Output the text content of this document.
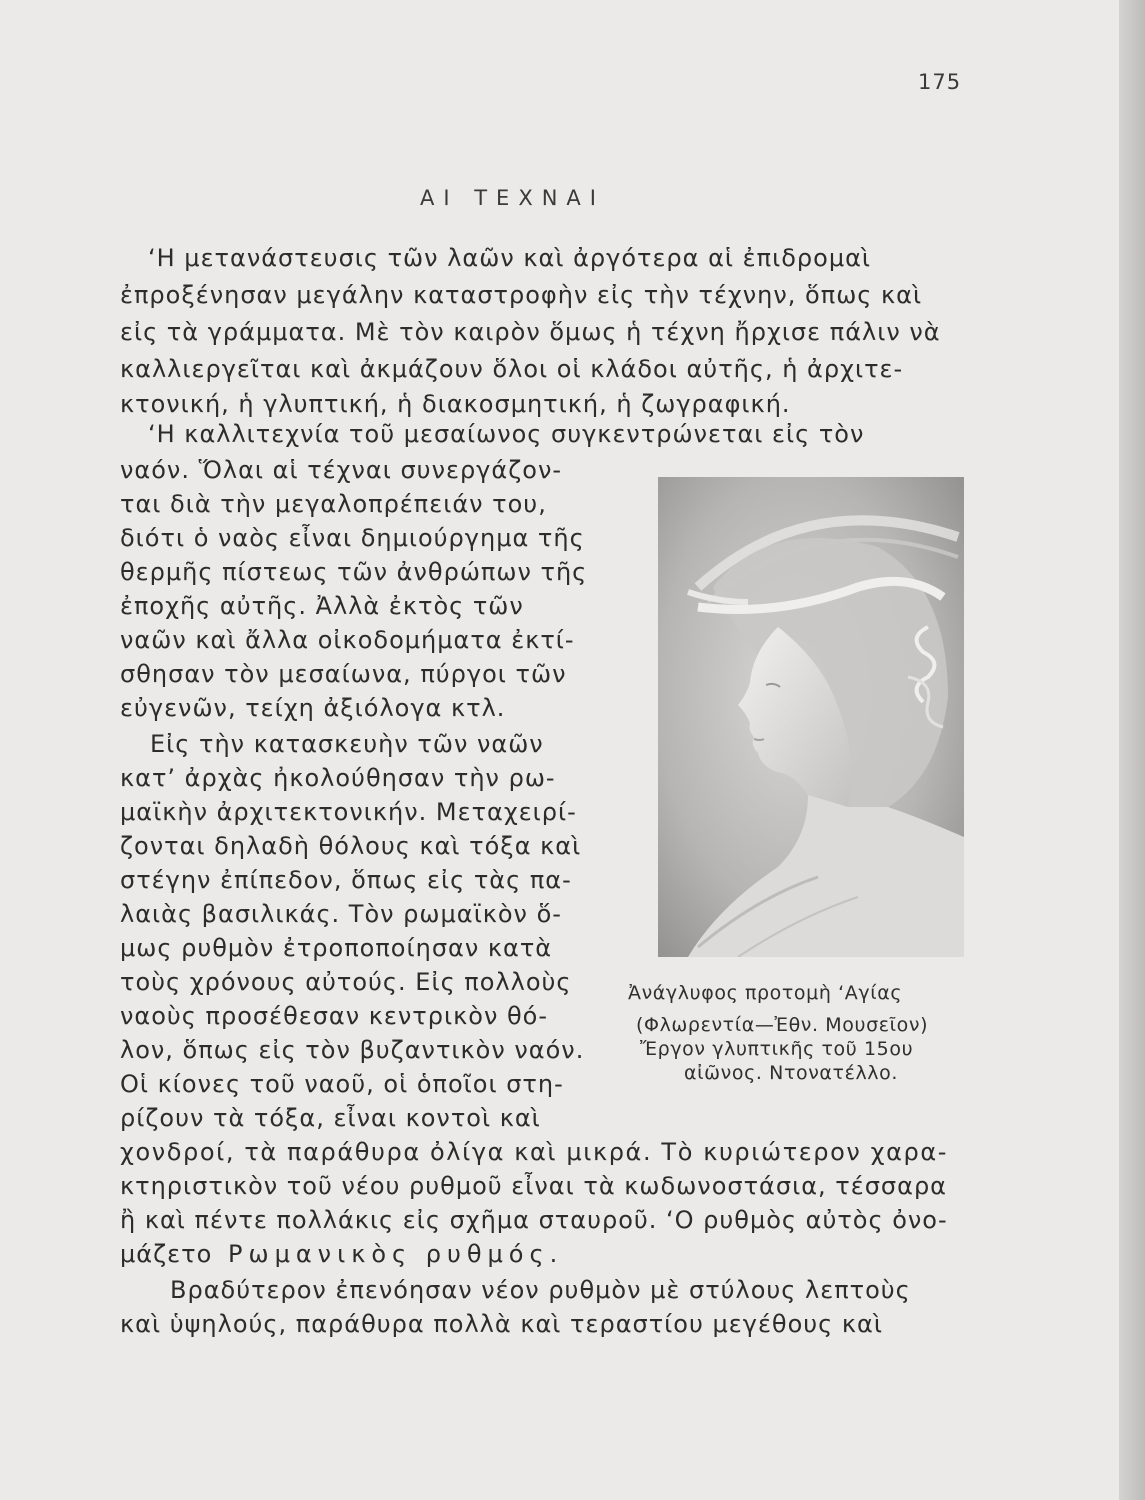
175
ΑΙ ΤΕΧΝΑΙ
‘Η μετανάστευσις τῶν λαῶν καὶ ἀργότερα αἱ ἐπιδρομαὶ
ἐπροξένησαν μεγάλην καταστροφὴν εἰς τὴν τέχνην, ὅπως καὶ
εἰς τὰ γράμματα. Μὲ τὸν καιρὸν ὅμως ἡ τέχνη ἤρχισε πάλιν νὰ
καλλιεργεῖται καὶ ἀκμάζουν ὅλοι οἱ κλάδοι αὐτῆς, ἡ ἀρχιτε-
κτονική, ἡ γλυπτική, ἡ διακοσμητική, ἡ ζωγραφική.
‘Η καλλιτεχνία τοῦ μεσαίωνος συγκεντρώνεται εἰς τὸν
ναόν. Ὅλαι αἱ τέχναι συνεργάζον-
ται διὰ τὴν μεγαλοπρέπειάν του,
διότι ὁ ναὸς εἶναι δημιούργημα τῆς
θερμῆς πίστεως τῶν ἀνθρώπων τῆς
ἐποχῆς αὐτῆς. Ἀλλὰ ἐκτὸς τῶν
ναῶν καὶ ἄλλα οἰκοδομήματα ἐκτί-
σθησαν τὸν μεσαίωνα, πύργοι τῶν
εὐγενῶν, τείχη ἀξιόλογα κτλ.
Εἰς τὴν κατασκευὴν τῶν ναῶν
κατ’ ἀρχὰς ἠκολούθησαν τὴν ρω-
μαϊκὴν ἀρχιτεκτονικήν. Μεταχειρί-
ζονται δηλαδὴ θόλους καὶ τόξα καὶ
στέγην ἐπίπεδον, ὅπως εἰς τὰς πα-
λαιὰς βασιλικάς. Τὸν ρωμαϊκὸν ὅ-
μως ρυθμὸν ἐτροποποίησαν κατὰ
τοὺς χρόνους αὐτούς. Εἰς πολλοὺς
ναοὺς προσέθεσαν κεντρικὸν θό-
λον, ὅπως εἰς τὸν βυζαντικὸν ναόν.
Οἱ κίονες τοῦ ναοῦ, οἱ ὁποῖοι στη-
ρίζουν τὰ τόξα, εἶναι κοντοὶ καὶ
χονδροί, τὰ παράθυρα ὀλίγα καὶ μικρά. Τὸ κυριώτερον χαρα-
κτηριστικὸν τοῦ νέου ρυθμοῦ εἶναι τὰ κωδωνοστάσια, τέσσαρα
ἢ καὶ πέντε πολλάκις εἰς σχῆμα σταυροῦ. ‘Ο ρυθμὸς αὐτὸς ὀνο-
μάζετο Ρωμανικὸς ρυθμός.
Βραδύτερον ἐπενόησαν νέον ρυθμὸν μὲ στύλους λεπτοὺς
καὶ ὑψηλούς, παράθυρα πολλὰ καὶ τεραστίου μεγέθους καὶ
Ἀνάγλυφος προτομὴ ‘Αγίας
(Φλωρεντία—Ἐθν. Μουσεῖον)
Ἔργον γλυπτικῆς τοῦ 15ου
αἰῶνος. Ντονατέλλο.
